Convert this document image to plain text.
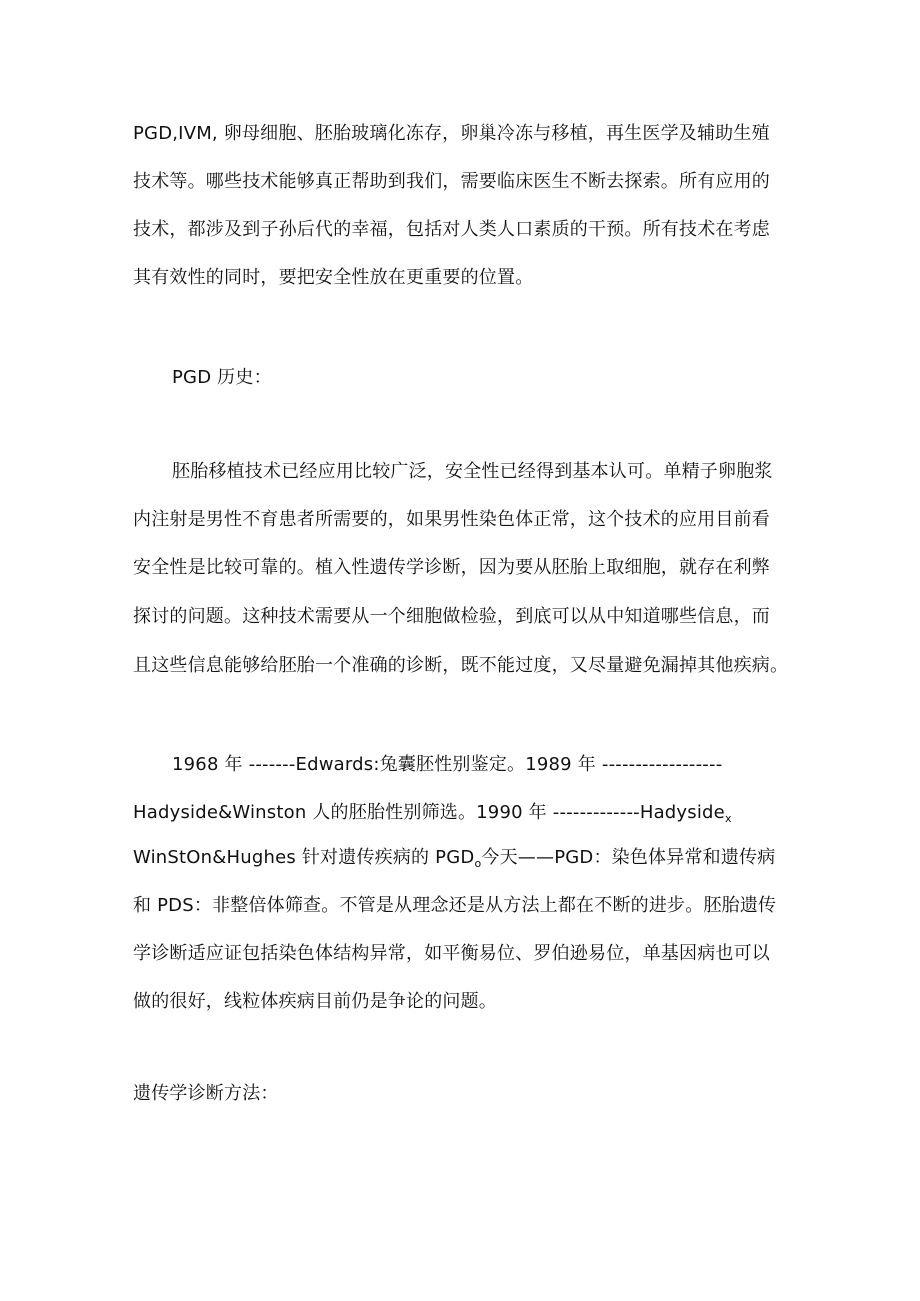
PGD,IVM, 卵母细胞、胚胎玻璃化冻存，卵巢冷冻与移植，再生医学及辅助生殖
技术等。哪些技术能够真正帮助到我们，需要临床医生不断去探索。所有应用的
技术，都涉及到子孙后代的幸福，包括对人类人口素质的干预。所有技术在考虑
其有效性的同时，要把安全性放在更重要的位置。
PGD 历史：
胚胎移植技术已经应用比较广泛，安全性已经得到基本认可。单精子卵胞浆
内注射是男性不育患者所需要的，如果男性染色体正常，这个技术的应用目前看
安全性是比较可靠的。植入性遗传学诊断，因为要从胚胎上取细胞，就存在利弊
探讨的问题。这种技术需要从一个细胞做检验，到底可以从中知道哪些信息，而
且这些信息能够给胚胎一个准确的诊断，既不能过度，又尽量避免漏掉其他疾病。
1968 年 -------Edwards:兔囊胚性别鉴定。1989 年 ------------------
Hadyside&Winston 人的胚胎性别筛选。1990 年 -------------Hadyside$_x$
WinStOn&Hughes 针对遗传疾病的 $PGD_o$今天——PGD：染色体异常和遗传病
和 PDS：非整倍体筛查。不管是从理念还是从方法上都在不断的进步。胚胎遗传
学诊断适应证包括染色体结构异常，如平衡易位、罗伯逊易位，单基因病也可以
做的很好，线粒体疾病目前仍是争论的问题。
遗传学诊断方法：
